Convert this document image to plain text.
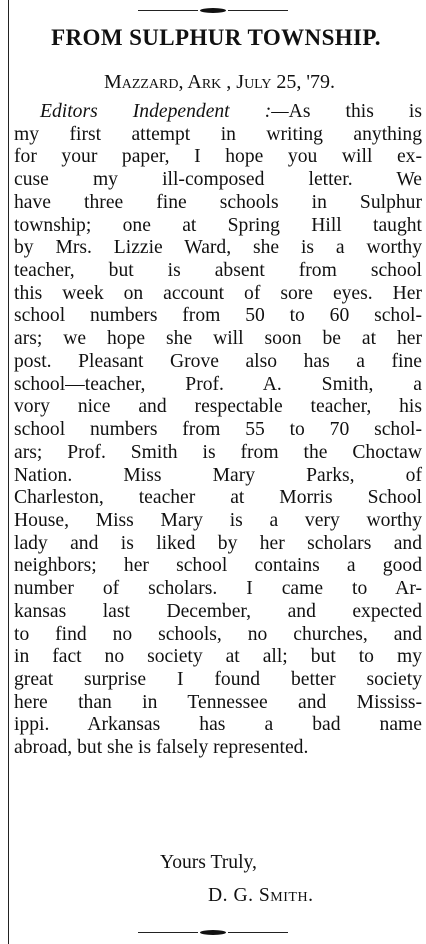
FROM SULPHUR TOWNSHIP.
Mazzard, Ark , July 25, '79.
Editors Independent :—As this is
my first attempt in writing anything
for your paper, I hope you will ex-
cuse my ill-composed letter. We
have three fine schools in Sulphur
township; one at Spring Hill taught
by Mrs. Lizzie Ward, she is a worthy
teacher, but is absent from school
this week on account of sore eyes. Her
school numbers from 50 to 60 schol-
ars; we hope she will soon be at her
post. Pleasant Grove also has a fine
school—teacher, Prof. A. Smith, a
vory nice and respectable teacher, his
school numbers from 55 to 70 schol-
ars; Prof. Smith is from the Choctaw
Nation. Miss Mary Parks, of
Charleston, teacher at Morris School
House, Miss Mary is a very worthy
lady and is liked by her scholars and
neighbors; her school contains a good
number of scholars. I came to Ar-
kansas last December, and expected
to find no schools, no churches, and
in fact no society at all; but to my
great surprise I found better society
here than in Tennessee and Mississ-
ippi. Arkansas has a bad name
abroad, but she is falsely represented.
Yours Truly,
D. G. Smith.
